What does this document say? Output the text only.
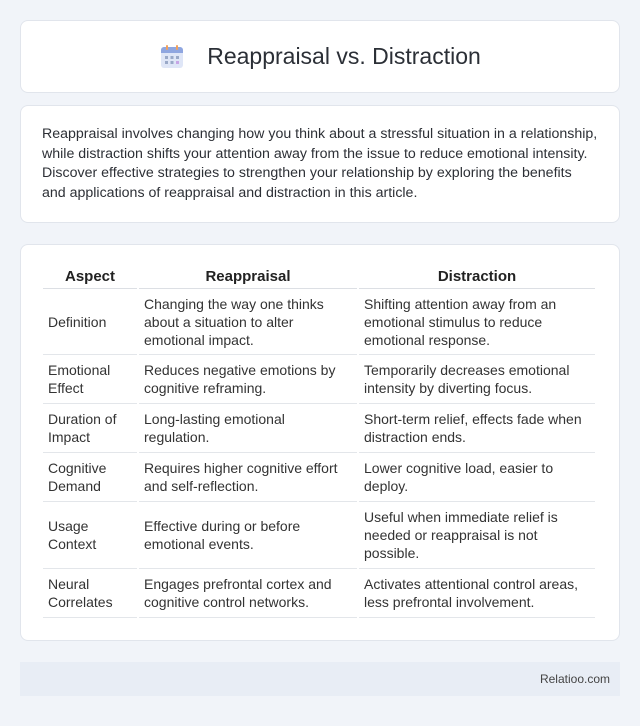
Reappraisal vs. Distraction

Reappraisal involves changing how you think about a stressful situation in a relationship, while distraction shifts your attention away from the issue to reduce emotional intensity. Discover effective strategies to strengthen your relationship by exploring the benefits and applications of reappraisal and distraction in this article.

Aspect	Reappraisal	Distraction
Definition	Changing the way one thinks about a situation to alter emotional impact.	Shifting attention away from an emotional stimulus to reduce emotional response.
Emotional Effect	Reduces negative emotions by cognitive reframing.	Temporarily decreases emotional intensity by diverting focus.
Duration of Impact	Long-lasting emotional regulation.	Short-term relief, effects fade when distraction ends.
Cognitive Demand	Requires higher cognitive effort and self-reflection.	Lower cognitive load, easier to deploy.
Usage Context	Effective during or before emotional events.	Useful when immediate relief is needed or reappraisal is not possible.
Neural Correlates	Engages prefrontal cortex and cognitive control networks.	Activates attentional control areas, less prefrontal involvement.
Relatioo.com
